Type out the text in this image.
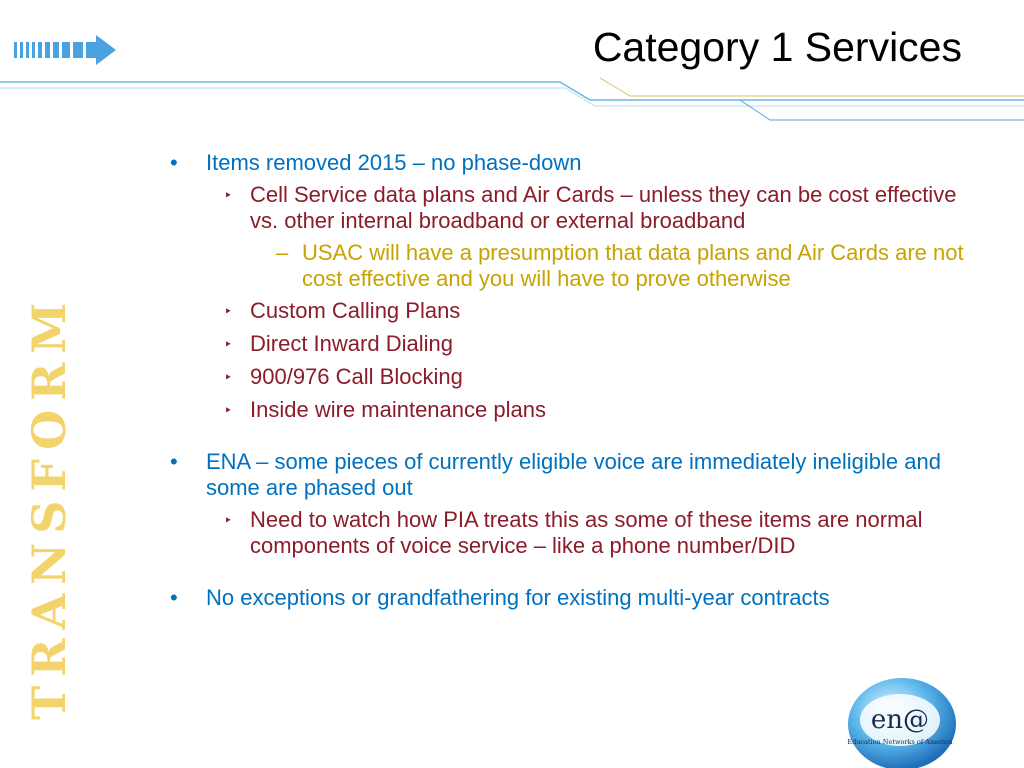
Category 1 Services
TRANSFORM

• Items removed 2015 – no phase-down

‣ Cell Service data plans and Air Cards – unless they can be cost effective vs. other internal broadband or external broadband

– USAC will have a presumption that data plans and Air Cards are not cost effective and you will have to prove otherwise

‣ Custom Calling Plans

‣ Direct Inward Dialing

‣ 900/976 Call Blocking

‣ Inside wire maintenance plans

• ENA – some pieces of currently eligible voice are immediately ineligible and some are phased out

‣ Need to watch how PIA treats this as some of these items are normal components of voice service – like a phone number/DID

• No exceptions or grandfathering for existing multi-year contracts

en@
Education Networks of America
